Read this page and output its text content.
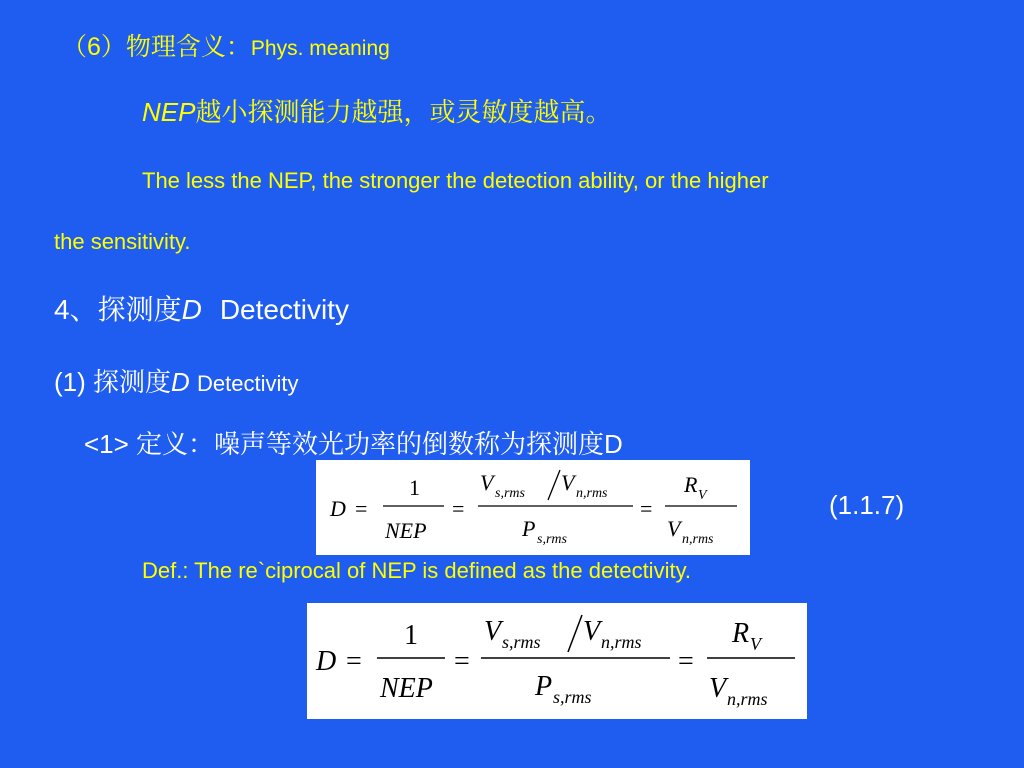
（6）物理含义：Phys. meaning
NEP越小探测能力越强，或灵敏度越高。
The less the NEP, the stronger the detection ability, or the higher
the sensitivity.
4、探测度D Detectivity
(1) 探测度D Detectivity
<1> 定义：噪声等效光功率的倒数称为探测度D
(1.1.7)
Def.: The re`ciprocal of NEP is defined as the detectivity.
D =
1
NEP
=
V s,rms V n,rms
P s,rms
=
R V
V n,rms
D =
1
NEP
=
V s,rms V n,rms
P s,rms
=
R V
V n,rms
